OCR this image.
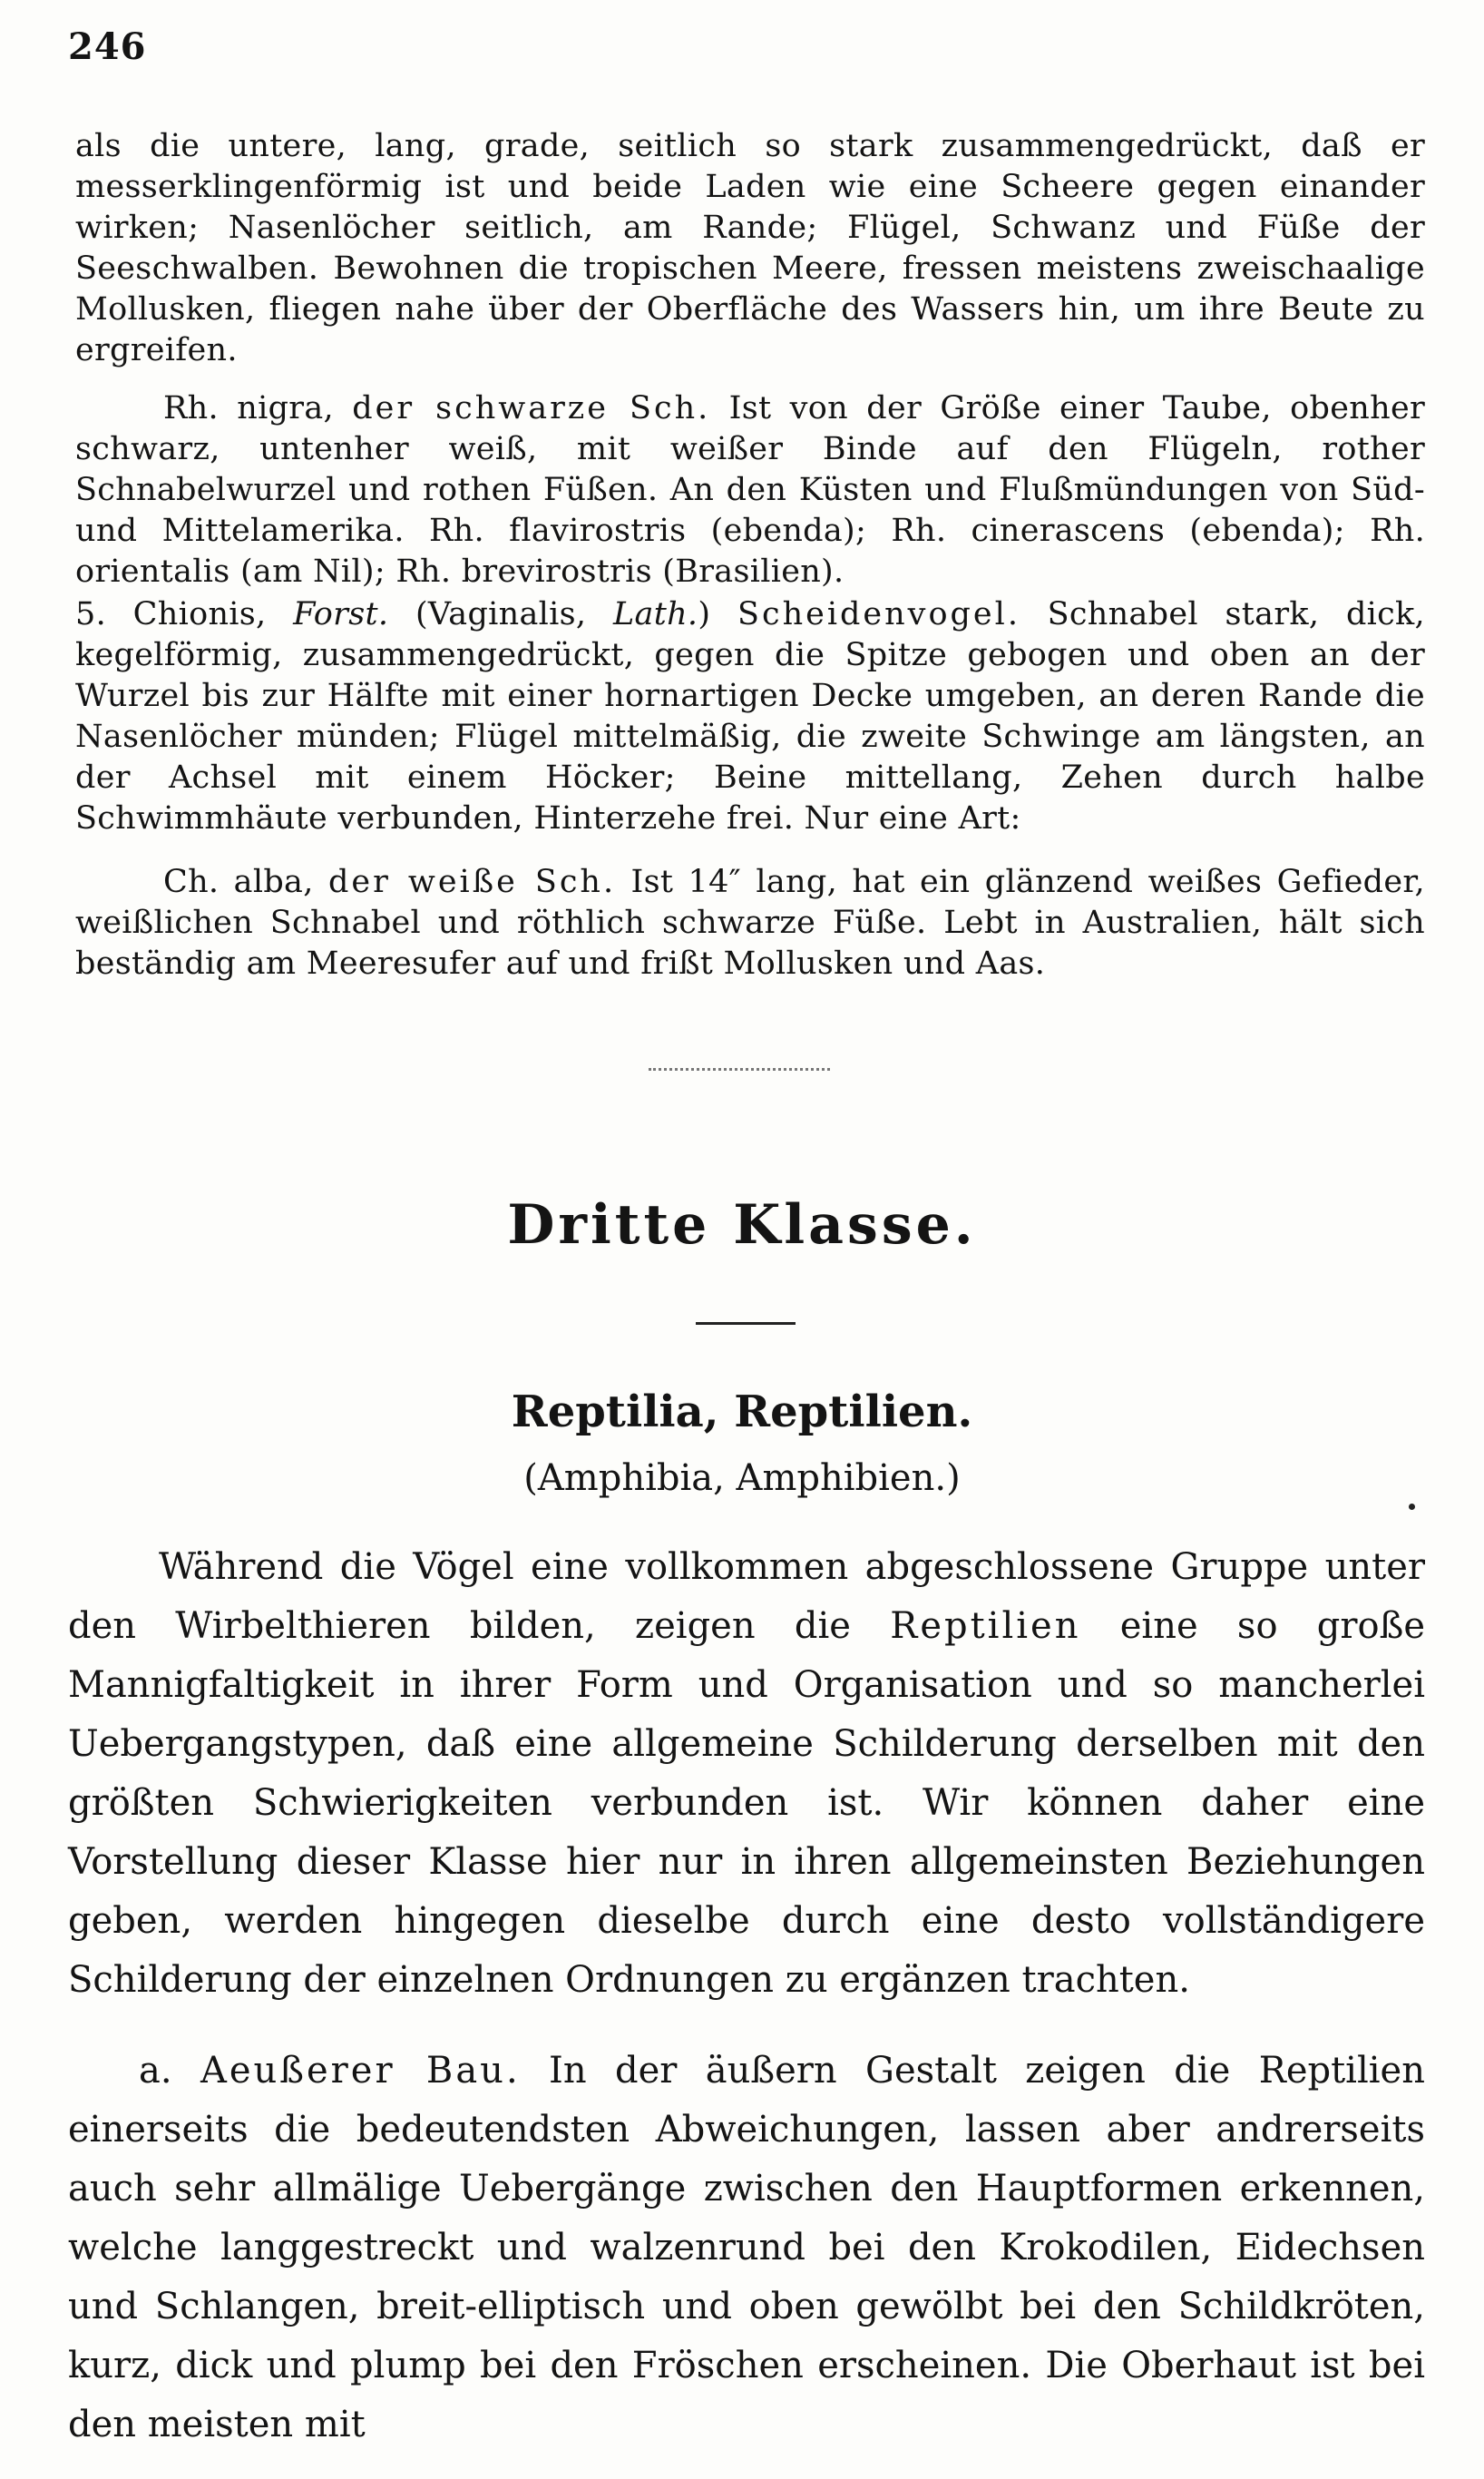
246

als die untere, lang, grade, seitlich so stark zusammengedrückt, daß er messerklingenförmig ist und beide Laden wie eine Scheere gegen einander wirken; Nasenlöcher seitlich, am Rande; Flügel, Schwanz und Füße der Seeschwalben. Bewohnen die tropischen Meere, fressen meistens zweischaalige Mollusken, fliegen nahe über der Oberfläche des Wassers hin, um ihre Beute zu ergreifen.

Rh. nigra, der schwarze Sch. Ist von der Größe einer Taube, obenher schwarz, untenher weiß, mit weißer Binde auf den Flügeln, rother Schnabelwurzel und rothen Füßen. An den Küsten und Flußmündungen von Süd- und Mittelamerika. Rh. flavirostris (ebenda); Rh. cinerascens (ebenda); Rh. orientalis (am Nil); Rh. brevirostris (Brasilien).

5. Chionis, Forst. (Vaginalis, Lath.) Scheidenvogel. Schnabel stark, dick, kegelförmig, zusammengedrückt, gegen die Spitze gebogen und oben an der Wurzel bis zur Hälfte mit einer hornartigen Decke umgeben, an deren Rande die Nasenlöcher münden; Flügel mittelmäßig, die zweite Schwinge am längsten, an der Achsel mit einem Höcker; Beine mittellang, Zehen durch halbe Schwimmhäute verbunden, Hinterzehe frei. Nur eine Art:

Ch. alba, der weiße Sch. Ist 14″ lang, hat ein glänzend weißes Gefieder, weißlichen Schnabel und röthlich schwarze Füße. Lebt in Australien, hält sich beständig am Meeresufer auf und frißt Mollusken und Aas.

Dritte Klasse.
Reptilia, Reptilien.
(Amphibia, Amphibien.)

Während die Vögel eine vollkommen abgeschlossene Gruppe unter den Wirbelthieren bilden, zeigen die Reptilien eine so große Mannigfaltigkeit in ihrer Form und Organisation und so mancherlei Uebergangstypen, daß eine allgemeine Schilderung derselben mit den größten Schwierigkeiten verbunden ist. Wir können daher eine Vorstellung dieser Klasse hier nur in ihren allgemeinsten Beziehungen geben, werden hingegen dieselbe durch eine desto vollständigere Schilderung der einzelnen Ordnungen zu ergänzen trachten.

a. Aeußerer Bau. In der äußern Gestalt zeigen die Reptilien einerseits die bedeutendsten Abweichungen, lassen aber andrerseits auch sehr allmälige Uebergänge zwischen den Hauptformen erkennen, welche langgestreckt und walzenrund bei den Krokodilen, Eidechsen und Schlangen, breit-elliptisch und oben gewölbt bei den Schildkröten, kurz, dick und plump bei den Fröschen erscheinen. Die Oberhaut ist bei den meisten mit
